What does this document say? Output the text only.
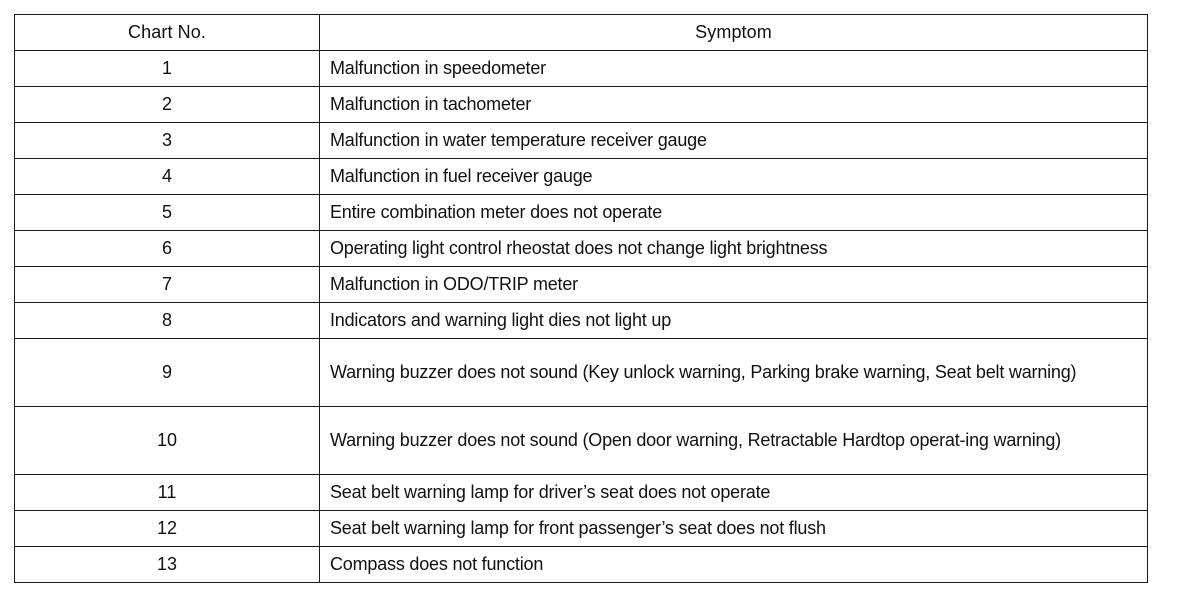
Chart No.	Symptom
1	Malfunction in speedometer
2	Malfunction in tachometer
3	Malfunction in water temperature receiver gauge
4	Malfunction in fuel receiver gauge
5	Entire combination meter does not operate
6	Operating light control rheostat does not change light brightness
7	Malfunction in ODO/TRIP meter
8	Indicators and warning light dies not light up
9	Warning buzzer does not sound (Key unlock warning, Parking brake warning, Seat belt warning)
10	Warning buzzer does not sound (Open door warning, Retractable Hardtop operat-ing warning)
11	Seat belt warning lamp for driver’s seat does not operate
12	Seat belt warning lamp for front passenger’s seat does not flush
13	Compass does not function
